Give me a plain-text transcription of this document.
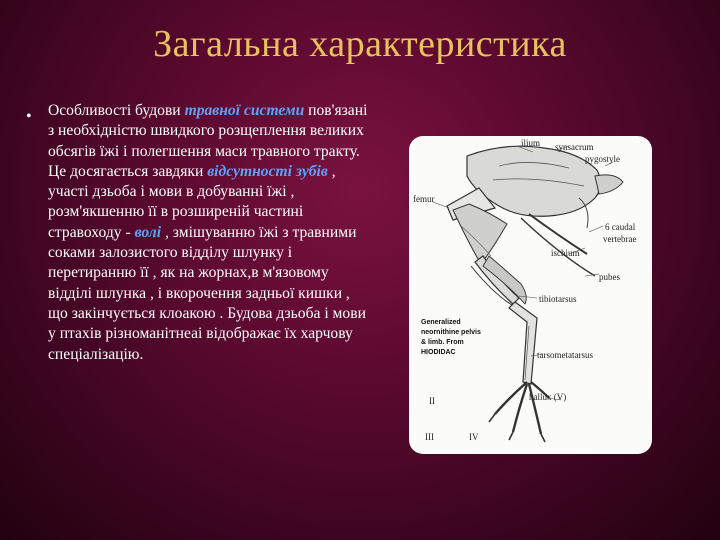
Загальна характеристика
• Особливості будови травної системи пов'язані з необхідністю швидкого розщеплення великих обсягів їжі і полегшення маси травного тракту. Це досягається завдяки відсутності зубів , участі дзьоба і мови в добуванні їжі , розм'якшенню її в розширеній частині стравоходу - волі , змішуванню їжі з травними соками залозистого відділу шлунку і перетиранню її , як на жорнах,в м'язовому відділі шлунка , і вкорочення задньої кишки , що закінчується клоакою . Будова дзьоба і мови у птахів різноманітнеаі відображає їх харчову спеціалізацію.
ilium synsacrum
pygostyle
femur
6 caudal
vertebrae
ischium
pubes
tibiotarsus
Generalized
neornithine pelvis
& limb. From
HIODIDAC	tarsometatarsus
hallux (V)
II
III	IV
